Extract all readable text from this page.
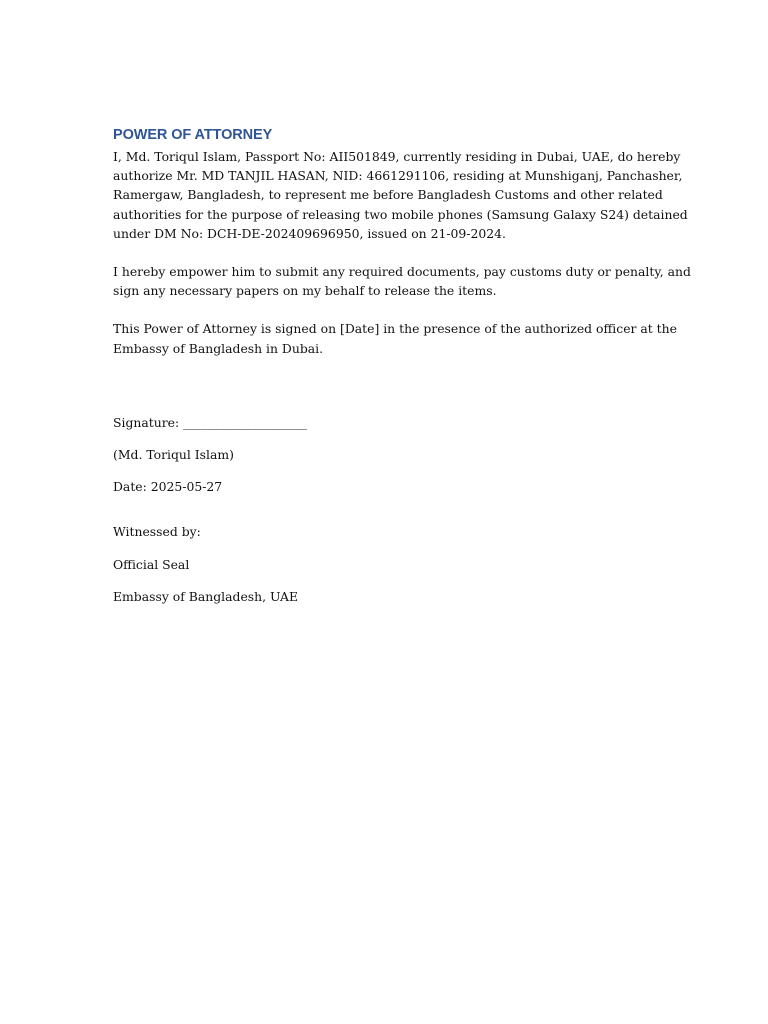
POWER OF ATTORNEY

I, Md. Toriqul Islam, Passport No: AII501849, currently residing in Dubai, UAE, do hereby
authorize Mr. MD TANJIL HASAN, NID: 4661291106, residing at Munshiganj, Panchasher,
Ramergaw, Bangladesh, to represent me before Bangladesh Customs and other related
authorities for the purpose of releasing two mobile phones (Samsung Galaxy S24) detained
under DM No: DCH-DE-202409696950, issued on 21-09-2024.

I hereby empower him to submit any required documents, pay customs duty or penalty, and
sign any necessary papers on my behalf to release the items.

This Power of Attorney is signed on [Date] in the presence of the authorized officer at the
Embassy of Bangladesh in Dubai.

Signature: ____________________

(Md. Toriqul Islam)

Date: 2025-05-27

Witnessed by:

Official Seal

Embassy of Bangladesh, UAE
